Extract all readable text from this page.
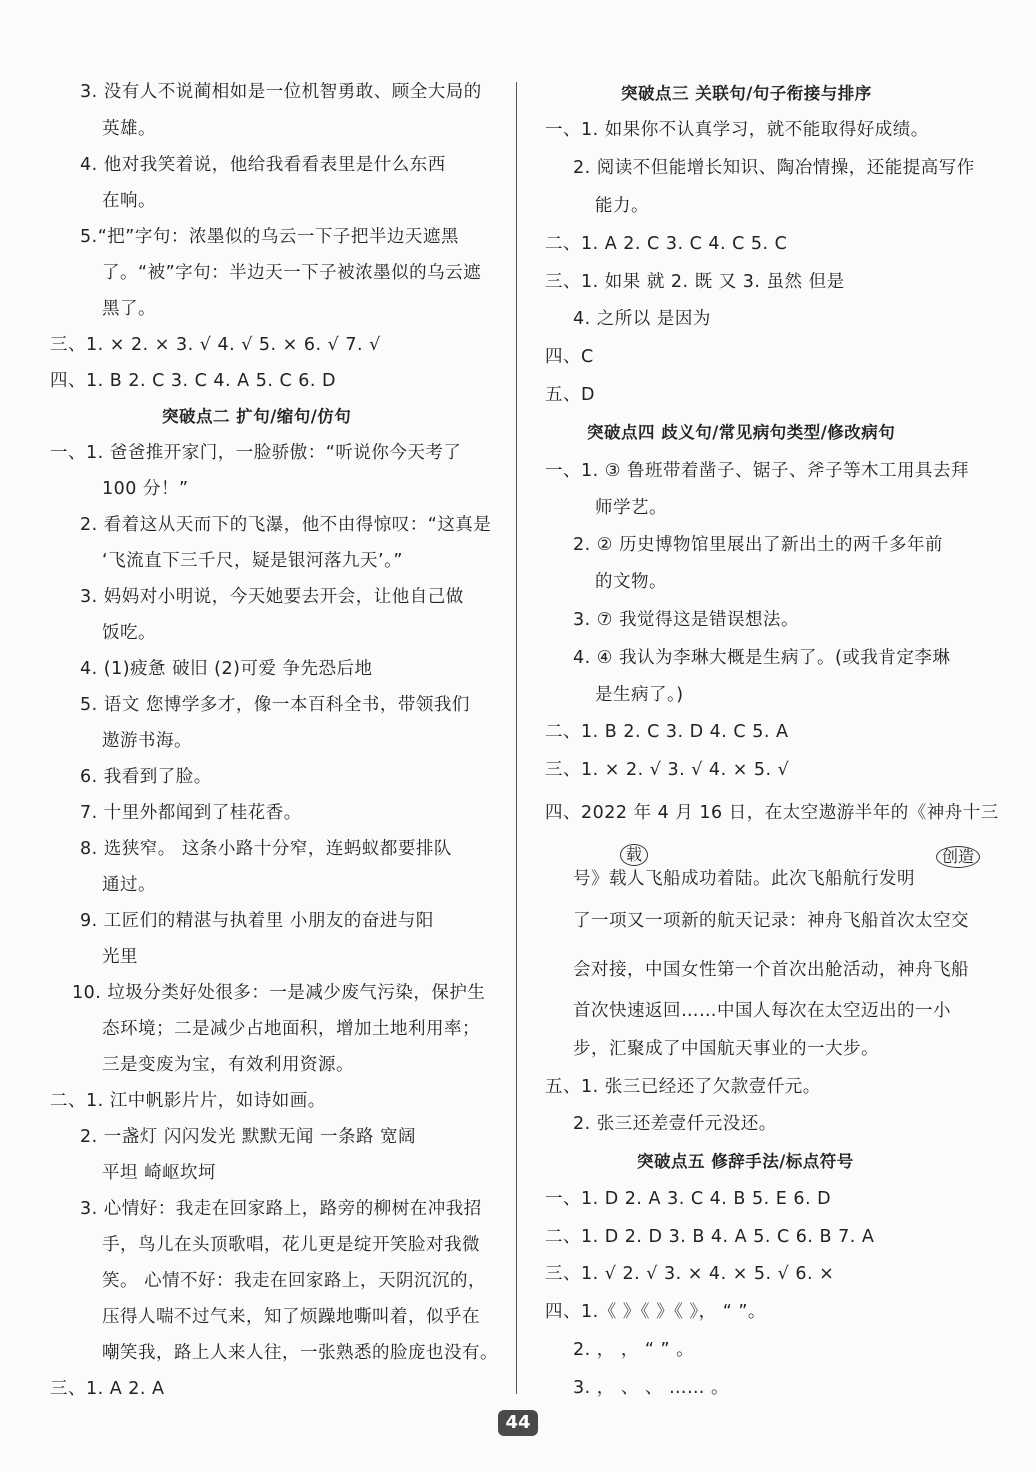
3. 没有人不说蔺相如是一位机智勇敢、顾全大局的
英雄。
4. 他对我笑着说，他给我看看表里是什么东西
在响。
5.“把”字句：浓墨似的乌云一下子把半边天遮黑
了。“被”字句：半边天一下子被浓墨似的乌云遮
黑了。
三、1. × 2. × 3. √ 4. √ 5. × 6. √ 7. √
四、1. B 2. C 3. C 4. A 5. C 6. D
突破点二 扩句/缩句/仿句
一、1. 爸爸推开家门，一脸骄傲：“听说你今天考了
100 分！”
2. 看着这从天而下的飞瀑，他不由得惊叹：“这真是
‘飞流直下三千尺，疑是银河落九天’。”
3. 妈妈对小明说，今天她要去开会，让他自己做
饭吃。
4. (1)疲惫 破旧 (2)可爱 争先恐后地
5. 语文 您博学多才，像一本百科全书，带领我们
遨游书海。
6. 我看到了脸。
7. 十里外都闻到了桂花香。
8. 选狭窄。 这条小路十分窄，连蚂蚁都要排队
通过。
9. 工匠们的精湛与执着里 小朋友的奋进与阳
光里
10. 垃圾分类好处很多：一是减少废气污染，保护生
态环境；二是减少占地面积，增加土地利用率；
三是变废为宝，有效利用资源。
二、1. 江中帆影片片，如诗如画。
2. 一盏灯 闪闪发光 默默无闻 一条路 宽阔
平坦 崎岖坎坷
3. 心情好：我走在回家路上，路旁的柳树在冲我招
手，鸟儿在头顶歌唱，花儿更是绽开笑脸对我微
笑。 心情不好：我走在回家路上，天阴沉沉的，
压得人喘不过气来，知了烦躁地嘶叫着，似乎在
嘲笑我，路上人来人往，一张熟悉的脸庞也没有。
三、1. A 2. A
突破点三 关联句/句子衔接与排序
一、1. 如果你不认真学习，就不能取得好成绩。
2. 阅读不但能增长知识、陶冶情操，还能提高写作
能力。
二、1. A 2. C 3. C 4. C 5. C
三、1. 如果 就 2. 既 又 3. 虽然 但是
4. 之所以 是因为
四、C
五、D
突破点四 歧义句/常见病句类型/修改病句
一、1. ③ 鲁班带着凿子、锯子、斧子等木工用具去拜
师学艺。
2. ② 历史博物馆里展出了新出土的两千多年前
的文物。
3. ⑦ 我觉得这是错误想法。
4. ④ 我认为李琳大概是生病了。(或我肯定李琳
是生病了。)
二、1. B 2. C 3. D 4. C 5. A
三、1. × 2. √ 3. √ 4. × 5. √
四、2022 年 4 月 16 日，在太空遨游半年的《神舟十三
号》载人飞船成功着陆。此次飞船航行发明
了一项又一项新的航天记录：神舟飞船首次太空交
会对接，中国女性第一个首次出舱活动，神舟飞船
首次快速返回……中国人每次在太空迈出的一小
步，汇聚成了中国航天事业的一大步。
五、1. 张三已经还了欠款壹仟元。
2. 张三还差壹仟元没还。
突破点五 修辞手法/标点符号
一、1. D 2. A 3. C 4. B 5. E 6. D
二、1. D 2. D 3. B 4. A 5. C 6. B 7. A
三、1. √ 2. √ 3. × 4. × 5. √ 6. ×
四、1.《 》《 》《 》， “ ”。
2. ， ， “ ” 。
3. ， 、 、 …… 。
载	创造
44
